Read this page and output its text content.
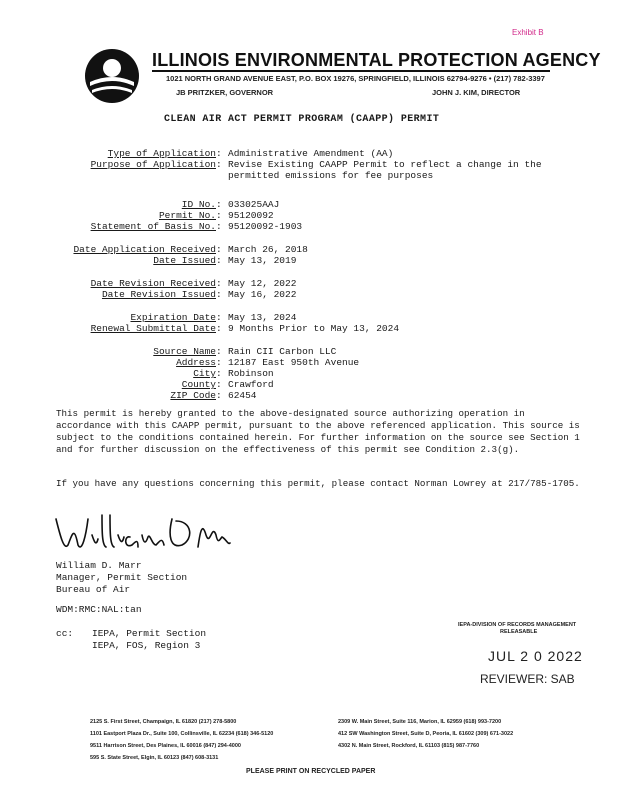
Exhibit B
ILLINOIS ENVIRONMENTAL PROTECTION AGENCY
1021 NORTH GRAND AVENUE EAST, P.O. BOX 19276, SPRINGFIELD, ILLINOIS 62794-9276 • (217) 782-3397
JB PRITZKER, GOVERNOR	JOHN J. KIM, DIRECTOR
CLEAN AIR ACT PERMIT PROGRAM (CAAPP) PERMIT
Type of Application : Administrative Amendment (AA)
Purpose of Application : Revise Existing CAAPP Permit to reflect a change in the
permitted emissions for fee purposes
ID No. : 033025AAJ
Permit No. : 95120092
Statement of Basis No. : 95120092-1903
Date Application Received : March 26, 2018
Date Issued : May 13, 2019
Date Revision Received : May 12, 2022
Date Revision Issued : May 16, 2022
Expiration Date : May 13, 2024
Renewal Submittal Date : 9 Months Prior to May 13, 2024
Source Name : Rain CII Carbon LLC
Address : 12187 East 950th Avenue
City : Robinson
County : Crawford
ZIP Code : 62454
This permit is hereby granted to the above-designated source authorizing operation in accordance with this CAAPP permit, pursuant to the above referenced application. This source is subject to the conditions contained herein. For further information on the source see Section 1 and for further discussion on the effectiveness of this permit see Condition 2.3(g).
If you have any questions concerning this permit, please contact Norman Lowrey at 217/785-1705.
William D. Marr
Manager, Permit Section
Bureau of Air
WDM:RMC:NAL:tan
cc: IEPA, Permit Section
IEPA, FOS, Region 3
IEPA-DIVISION OF RECORDS MANAGEMENT
RELEASABLE
JUL 2 0 2022
REVIEWER: SAB
2125 S. First Street, Champaign, IL 61820 (217) 278-5800
1101 Eastport Plaza Dr., Suite 100, Collinsville, IL 62234 (618) 346-5120
9511 Harrison Street, Des Plaines, IL 60016 (847) 294-4000
595 S. State Street, Elgin, IL 60123 (847) 608-3131
2309 W. Main Street, Suite 116, Marion, IL 62959 (618) 993-7200
412 SW Washington Street, Suite D, Peoria, IL 61602 (309) 671-3022
4302 N. Main Street, Rockford, IL 61103 (815) 987-7760
PLEASE PRINT ON RECYCLED PAPER
